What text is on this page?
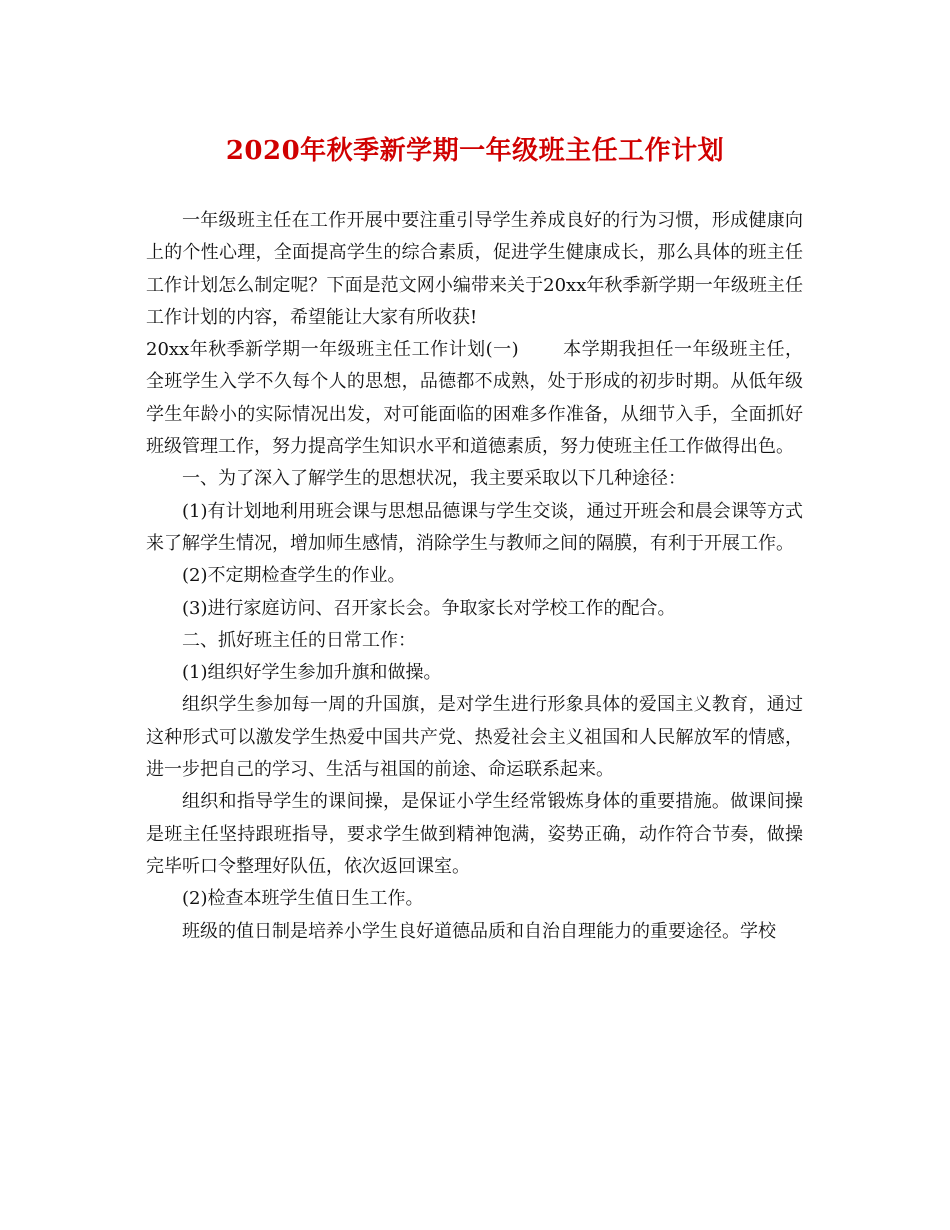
2020年秋季新学期一年级班主任工作计划

一年级班主任在工作开展中要注重引导学生养成良好的行为习惯，形成健康向上的个性心理，全面提高学生的综合素质，促进学生健康成长，那么具体的班主任工作计划怎么制定呢？下面是范文网小编带来关于20xx年秋季新学期一年级班主任工作计划的内容，希望能让大家有所收获!

20xx年秋季新学期一年级班主任工作计划(一) 本学期我担任一年级班主任，全班学生入学不久每个人的思想，品德都不成熟，处于形成的初步时期。从低年级学生年龄小的实际情况出发，对可能面临的困难多作准备，从细节入手，全面抓好班级管理工作，努力提高学生知识水平和道德素质，努力使班主任工作做得出色。

一、为了深入了解学生的思想状况，我主要采取以下几种途径：

(1)有计划地利用班会课与思想品德课与学生交谈，通过开班会和晨会课等方式来了解学生情况，增加师生感情，消除学生与教师之间的隔膜，有利于开展工作。

(2)不定期检查学生的作业。

(3)进行家庭访问、召开家长会。争取家长对学校工作的配合。

二、抓好班主任的日常工作：

(1)组织好学生参加升旗和做操。

组织学生参加每一周的升国旗，是对学生进行形象具体的爱国主义教育，通过这种形式可以激发学生热爱中国共产党、热爱社会主义祖国和人民解放军的情感，进一步把自己的学习、生活与祖国的前途、命运联系起来。

组织和指导学生的课间操，是保证小学生经常锻炼身体的重要措施。做课间操是班主任坚持跟班指导，要求学生做到精神饱满，姿势正确，动作符合节奏，做操完毕听口令整理好队伍，依次返回课室。

(2)检查本班学生值日生工作。

班级的值日制是培养小学生良好道德品质和自治自理能力的重要途径。学校
